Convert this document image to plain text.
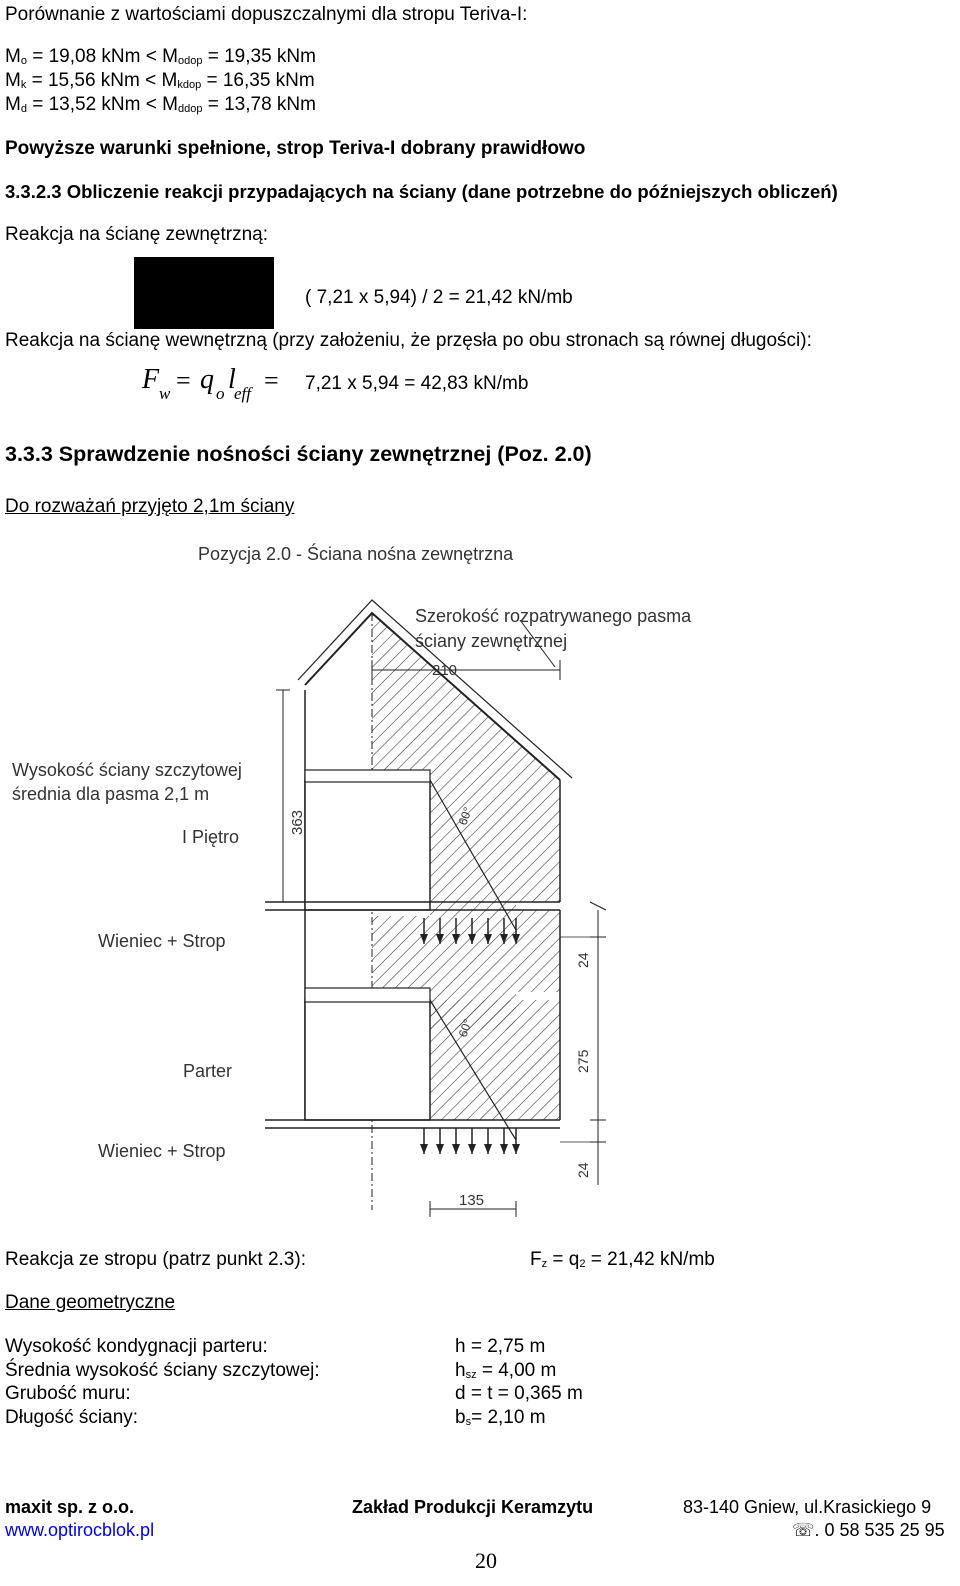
Porównanie z wartościami dopuszczalnymi dla stropu Teriva-I:
$M_o = 19,08$ kNm < $M_{odop} = 19,35$ kNm
$M_k = 15,56$ kNm < $M_{kdop} = 16,35$ kNm
$M_d = 13,52$ kNm < $M_{ddop} = 13,78$ kNm
Powyższe warunki spełnione, strop Teriva-I dobrany prawidłowo
3.3.2.3 Obliczenie reakcji przypadających na ściany (dane potrzebne do późniejszych obliczeń)
Reakcja na ścianę zewnętrzną:
( 7,21 x 5,94) / 2 = 21,42 kN/mb
Reakcja na ścianę wewnętrzną (przy założeniu, że przęsła po obu stronach są równej długości):
F w = q o l
eff = 7,21 x 5,94 = 42,83 kN/mb
3.3.3 Sprawdzenie nośności ściany zewnętrznej (Poz. 2.0)
Do rozważań przyjęto 2,1m ściany
Pozycja 2.0 - Ściana nośna zewnętrzna
Szerokość rozpatrywanego pasma
ściany zewnętrznej
210
Wysokość ściany szczytowej
średnia dla pasma 2,1 m
363
I Piętro
Wieniec + Strop
24
275
24
Parter
Wieniec + Strop
135
60°
60°
Reakcja ze stropu (patrz punkt 2.3):	$F_z = q_2 = 21,42$ kN/mb
Dane geometryczne
Wysokość kondygnacji parteru:	h = 2,75 m
Średnia wysokość ściany szczytowej:	$h_{sz} = 4,00$ m
Grubość muru:	d = t = 0,365 m
Długość ściany:	$b_s= 2,10$ m
maxit sp. z o.o.	Zakład Produkcji Keramzytu	83-140 Gniew, ul.Krasickiego 9
www.optirocblok.pl	☏. 0 58 535 25 95
20
